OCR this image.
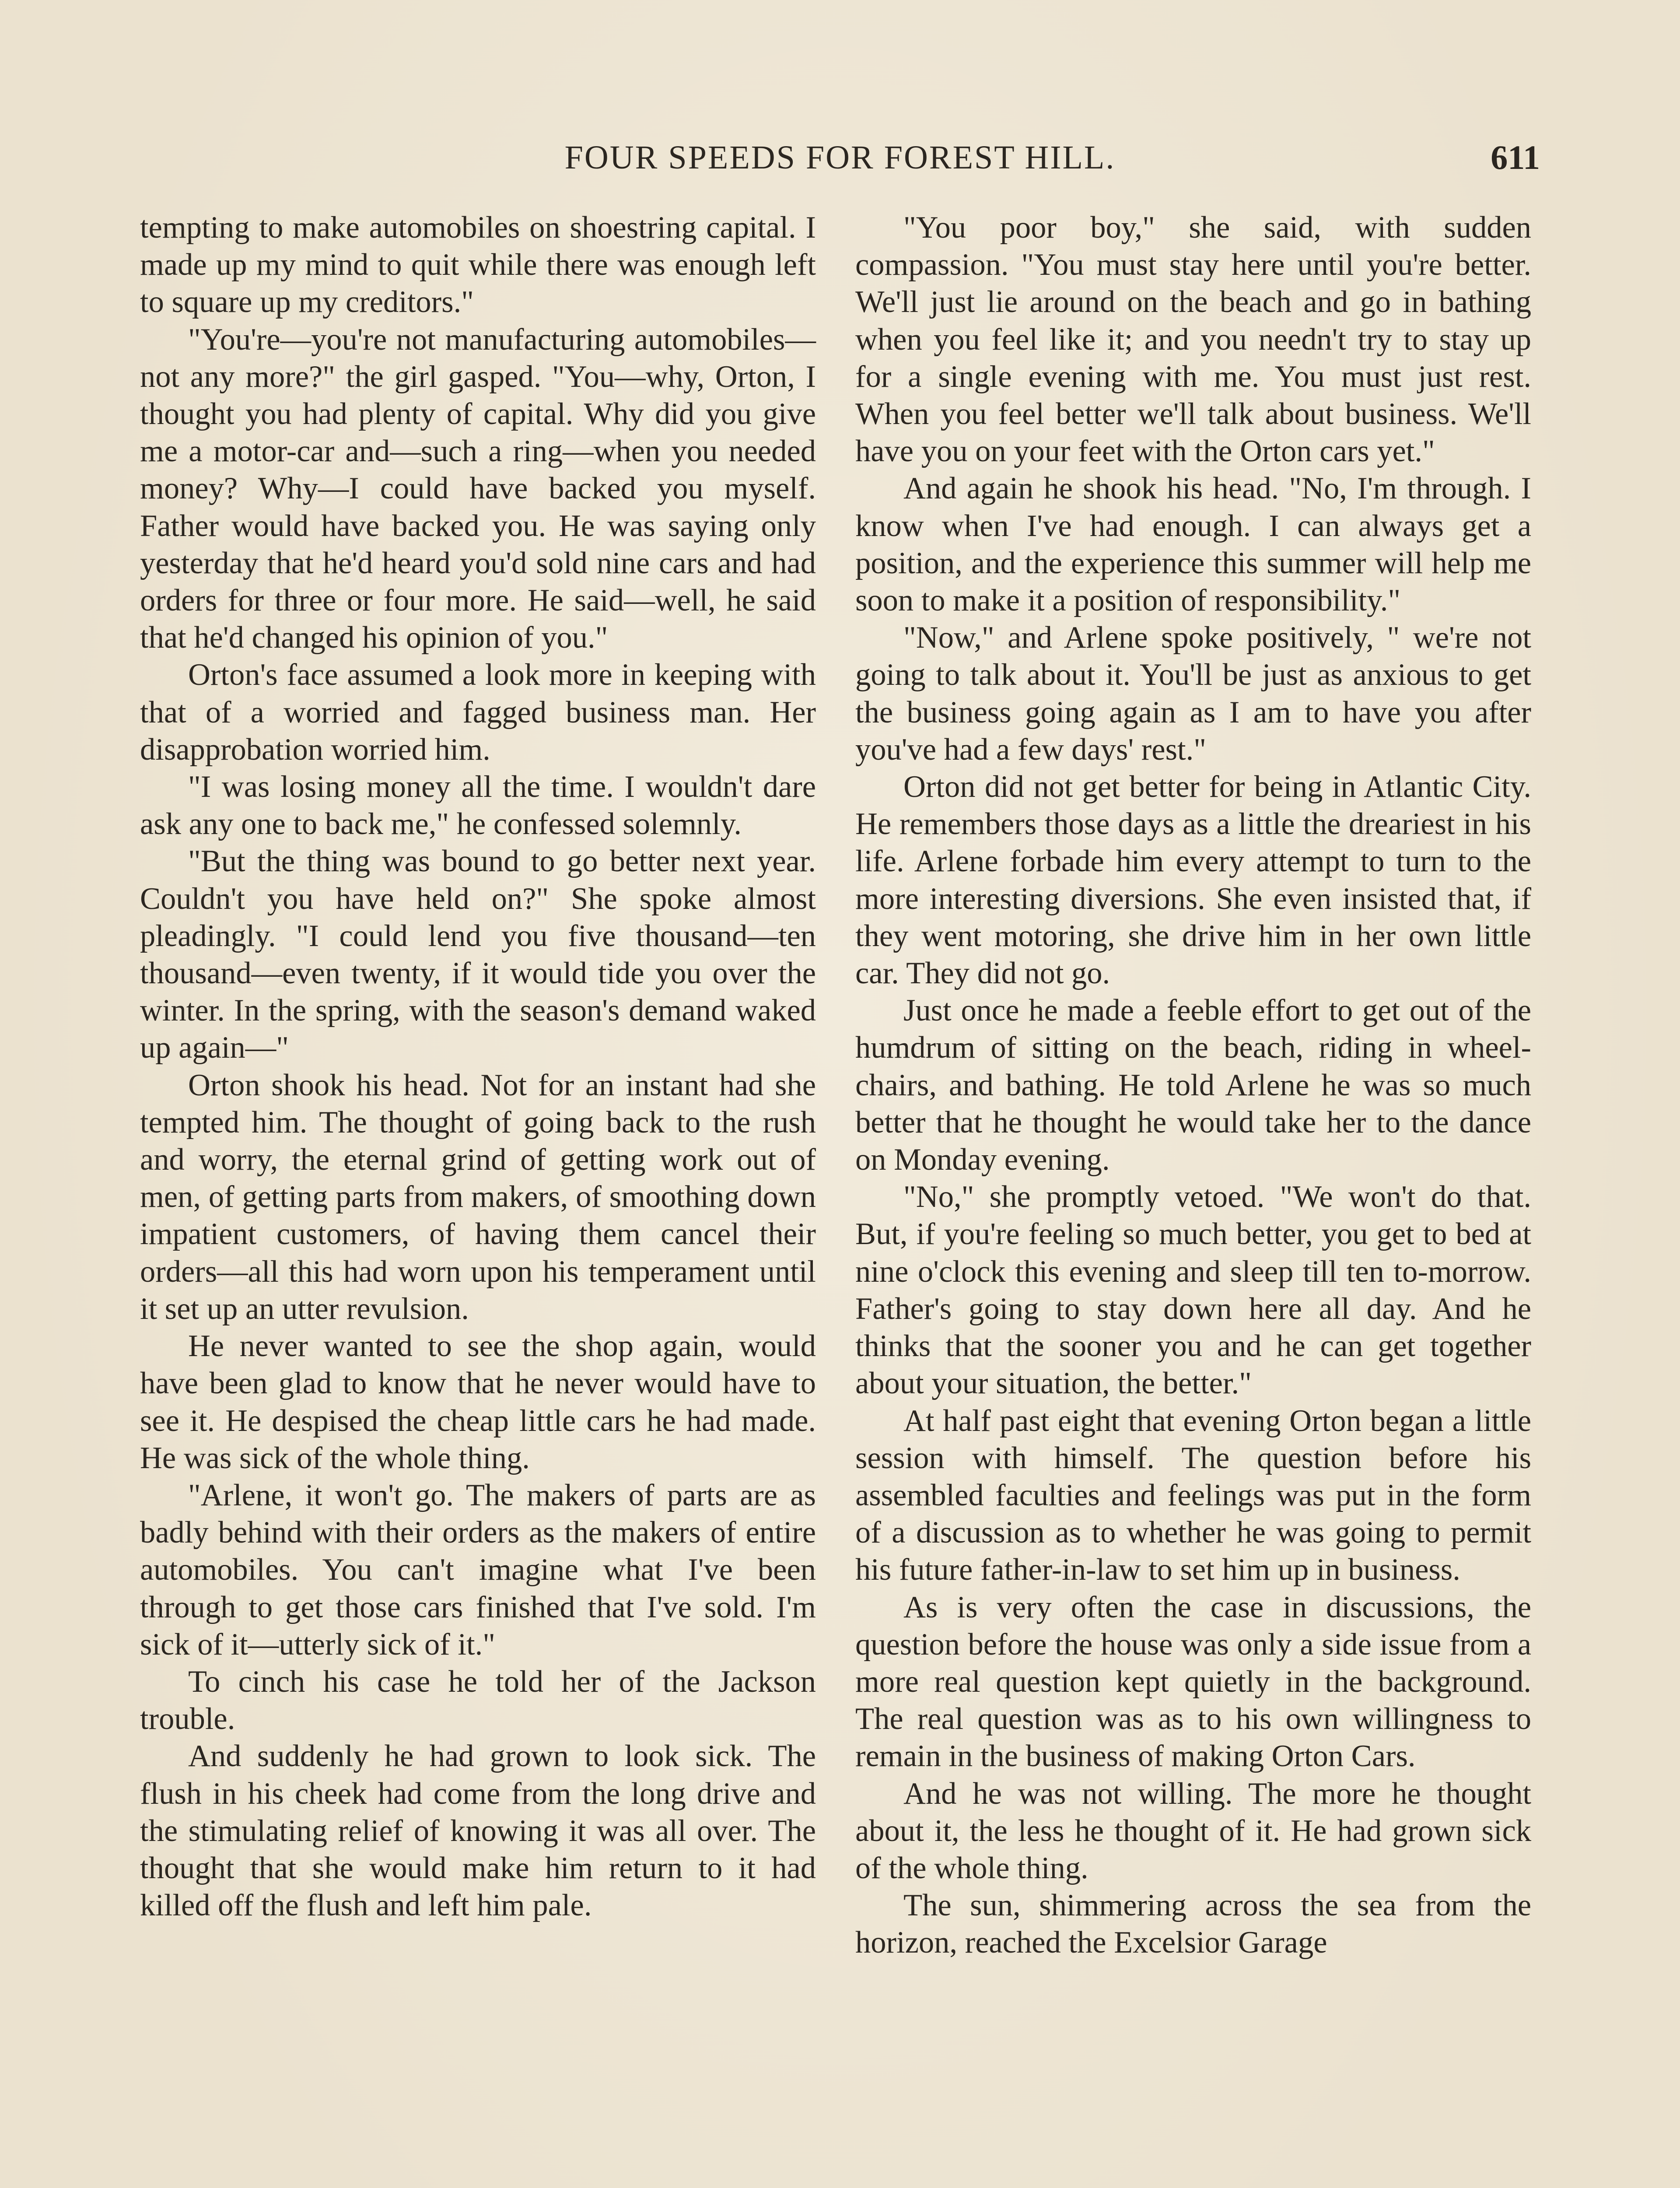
FOUR SPEEDS FOR FOREST HILL.	611

tempting to make automobiles on shoestring capital. I made up my mind to quit while there was enough left to square up my creditors."

"You're—you're not manufacturing automobiles—not any more?" the girl gasped. "You—why, Orton, I thought you had plenty of capital. Why did you give me a motor-car and—such a ring—when you needed money? Why—I could have backed you myself. Father would have backed you. He was saying only yesterday that he'd heard you'd sold nine cars and had orders for three or four more. He said—well, he said that he'd changed his opinion of you."

Orton's face assumed a look more in keeping with that of a worried and fagged business man. Her disapprobation worried him.

"I was losing money all the time. I wouldn't dare ask any one to back me," he confessed solemnly.

"But the thing was bound to go better next year. Couldn't you have held on?" She spoke almost pleadingly. "I could lend you five thousand—ten thousand—even twenty, if it would tide you over the winter. In the spring, with the season's demand waked up again—"

Orton shook his head. Not for an instant had she tempted him. The thought of going back to the rush and worry, the eternal grind of getting work out of men, of getting parts from makers, of smoothing down impatient customers, of having them cancel their orders—all this had worn upon his temperament until it set up an utter revulsion.

He never wanted to see the shop again, would have been glad to know that he never would have to see it. He despised the cheap little cars he had made. He was sick of the whole thing.

"Arlene, it won't go. The makers of parts are as badly behind with their orders as the makers of entire automobiles. You can't imagine what I've been through to get those cars finished that I've sold. I'm sick of it—utterly sick of it."

To cinch his case he told her of the Jackson trouble.

And suddenly he had grown to look sick. The flush in his cheek had come from the long drive and the stimulating relief of knowing it was all over. The thought that she would make him return to it had killed off the flush and left him pale.

"You poor boy," she said, with sudden compassion. "You must stay here until you're better. We'll just lie around on the beach and go in bathing when you feel like it; and you needn't try to stay up for a single evening with me. You must just rest. When you feel better we'll talk about business. We'll have you on your feet with the Orton cars yet."

And again he shook his head. "No, I'm through. I know when I've had enough. I can always get a position, and the experience this summer will help me soon to make it a position of responsibility."

"Now," and Arlene spoke positively, " we're not going to talk about it. You'll be just as anxious to get the business going again as I am to have you after you've had a few days' rest."

Orton did not get better for being in Atlantic City. He remembers those days as a little the dreariest in his life. Arlene forbade him every attempt to turn to the more interesting diversions. She even insisted that, if they went motoring, she drive him in her own little car. They did not go.

Just once he made a feeble effort to get out of the humdrum of sitting on the beach, riding in wheel-chairs, and bathing. He told Arlene he was so much better that he thought he would take her to the dance on Monday evening.

"No," she promptly vetoed. "We won't do that. But, if you're feeling so much better, you get to bed at nine o'clock this evening and sleep till ten to-morrow. Father's going to stay down here all day. And he thinks that the sooner you and he can get together about your situation, the better."

At half past eight that evening Orton began a little session with himself. The question before his assembled faculties and feelings was put in the form of a discussion as to whether he was going to permit his future father-in-law to set him up in business.

As is very often the case in discussions, the question before the house was only a side issue from a more real question kept quietly in the background. The real question was as to his own willingness to remain in the business of making Orton Cars.

And he was not willing. The more he thought about it, the less he thought of it. He had grown sick of the whole thing.

The sun, shimmering across the sea from the horizon, reached the Excelsior Garage
